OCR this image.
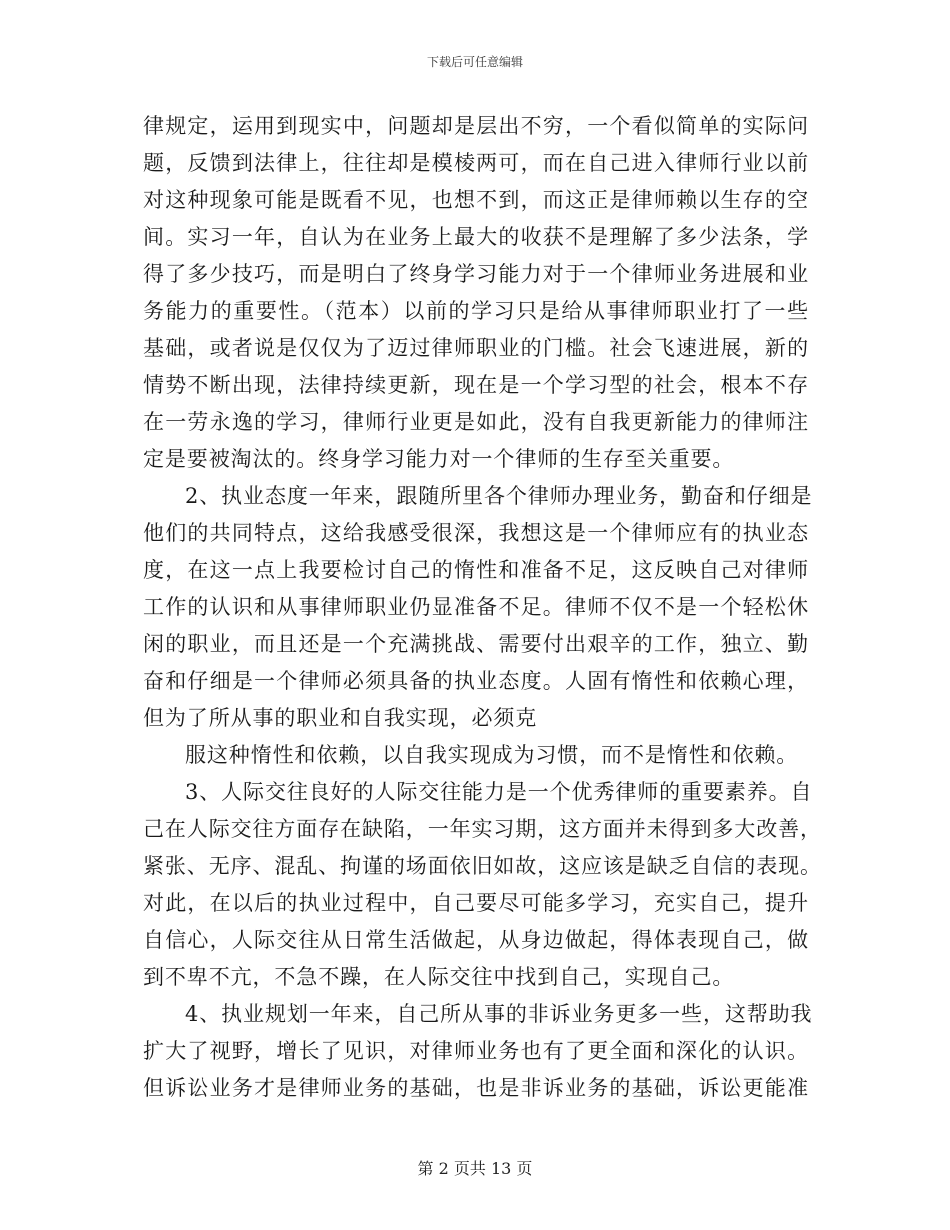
下载后可任意编辑
律规定，运用到现实中，问题却是层出不穷，一个看似简单的实际问
题，反馈到法律上，往往却是模棱两可，而在自己进入律师行业以前
对这种现象可能是既看不见，也想不到，而这正是律师赖以生存的空
间。实习一年，自认为在业务上最大的收获不是理解了多少法条，学
得了多少技巧，而是明白了终身学习能力对于一个律师业务进展和业
务能力的重要性。（范本）以前的学习只是给从事律师职业打了一些
基础，或者说是仅仅为了迈过律师职业的门槛。社会飞速进展，新的
情势不断出现，法律持续更新，现在是一个学习型的社会，根本不存
在一劳永逸的学习，律师行业更是如此，没有自我更新能力的律师注
定是要被淘汰的。终身学习能力对一个律师的生存至关重要。
2、执业态度一年来，跟随所里各个律师办理业务，勤奋和仔细是
他们的共同特点，这给我感受很深，我想这是一个律师应有的执业态
度，在这一点上我要检讨自己的惰性和准备不足，这反映自己对律师
工作的认识和从事律师职业仍显准备不足。律师不仅不是一个轻松休
闲的职业，而且还是一个充满挑战、需要付出艰辛的工作，独立、勤
奋和仔细是一个律师必须具备的执业态度。人固有惰性和依赖心理，
但为了所从事的职业和自我实现，必须克
服这种惰性和依赖，以自我实现成为习惯，而不是惰性和依赖。
3、人际交往良好的人际交往能力是一个优秀律师的重要素养。自
己在人际交往方面存在缺陷，一年实习期，这方面并未得到多大改善，
紧张、无序、混乱、拘谨的场面依旧如故，这应该是缺乏自信的表现。
对此，在以后的执业过程中，自己要尽可能多学习，充实自己，提升
自信心，人际交往从日常生活做起，从身边做起，得体表现自己，做
到不卑不亢，不急不躁，在人际交往中找到自己，实现自己。
4、执业规划一年来，自己所从事的非诉业务更多一些，这帮助我
扩大了视野，增长了见识，对律师业务也有了更全面和深化的认识。
但诉讼业务才是律师业务的基础，也是非诉业务的基础，诉讼更能准
第 2 页共 13 页
